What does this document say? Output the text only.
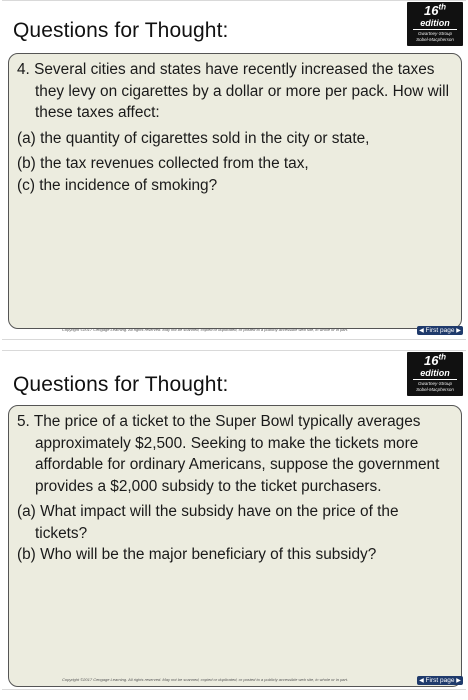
Questions for Thought:
16th
edition
Gwartney-Stroup
Sobel-Macpherson
4. Several cities and states have recently increased the taxes they levy on cigarettes by a dollar or more per pack. How will these taxes affect:
(a) the quantity of cigarettes sold in the city or state,
(b) the tax revenues collected from the tax,
(c) the incidence of smoking?
Copyright ©2017 Cengage Learning. All rights reserved. May not be scanned, copied or duplicated, or posted to a publicly accessible web site, in whole or in part.	◀ First page ▶
Questions for Thought:
16th
edition
Gwartney-Stroup
Sobel-Macpherson
5. The price of a ticket to the Super Bowl typically averages approximately $2,500. Seeking to make the tickets more affordable for ordinary Americans, suppose the government provides a $2,000 subsidy to the ticket purchasers.
(a) What impact will the subsidy have on the price of the tickets?
(b) Who will be the major beneficiary of this subsidy?
Copyright ©2017 Cengage Learning. All rights reserved. May not be scanned, copied or duplicated, or posted to a publicly accessible web site, in whole or in part.	◀ First page ▶
